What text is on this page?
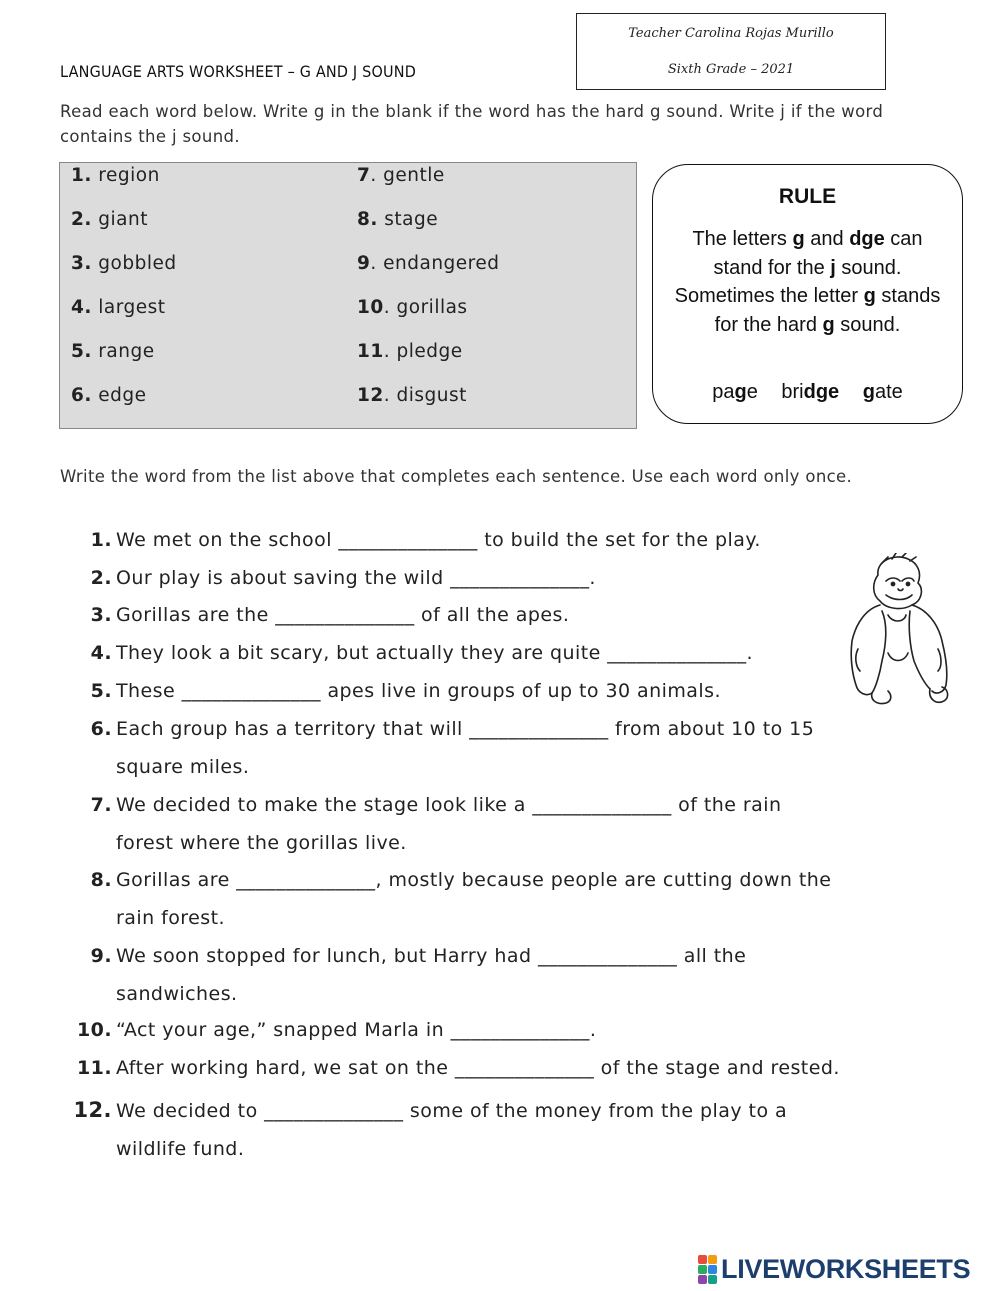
Teacher Carolina Rojas Murillo
Sixth Grade – 2021
LANGUAGE ARTS WORKSHEET – G AND J SOUND
Read each word below. Write g in the blank if the word has the hard g sound. Write j if the word contains the j sound.
1. region
2. giant
3. gobbled
4. largest
5. range
6. edge
7. gentle
8. stage
9. endangered
10. gorillas
11. pledge
12. disgust
RULE
The letters g and dge can stand for the j sound. Sometimes the letter g stands for the hard g sound.
page bridge gate
Write the word from the list above that completes each sentence. Use each word only once.
1. We met on the school ______________ to build the set for the play.
2. Our play is about saving the wild ______________.
3. Gorillas are the ______________ of all the apes.
4. They look a bit scary, but actually they are quite ______________.
5. These ______________ apes live in groups of up to 30 animals.
6. Each group has a territory that will ______________ from about 10 to 15
square miles.
7. We decided to make the stage look like a ______________ of the rain
forest where the gorillas live.
8. Gorillas are ______________, mostly because people are cutting down the
rain forest.
9. We soon stopped for lunch, but Harry had ______________ all the
sandwiches.
10. “Act your age,” snapped Marla in ______________.
11. After working hard, we sat on the ______________ of the stage and rested.
12. We decided to ______________ some of the money from the play to a
wildlife fund.
LIVEWORKSHEETS
